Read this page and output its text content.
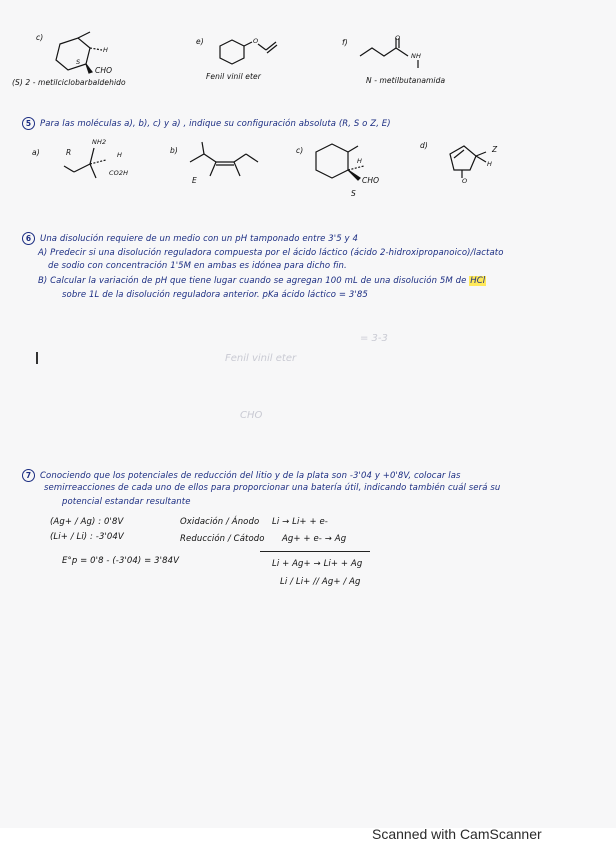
Fenil vinil eter
= 3-3
CHO
c)
H
S
CHO
(S) 2 - metilciclobarbaldehido
e)	O
Fenil vinil eter
f)	O
NH
N - metilbutanamida
5 Para las moléculas a), b), c) y a) , indique su configuración absoluta (R, S o Z, E)
a)
NH2
R	H
CO2H
b)
E
c)
H
CHO
S
d)	Z
H
O
6 Una disolución requiere de un medio con un pH tamponado entre 3'5 y 4
A) Predecir si una disolución reguladora compuesta por el ácido láctico (ácido 2-hidroxipropanoico)/lactato
de sodio con concentración 1'5M en ambas es idónea para dicho fin.
B) Calcular la variación de pH que tiene lugar cuando se agregan 100 mL de una disolución 5M de HCl
sobre 1L de la disolución reguladora anterior. pKa ácido láctico = 3'85
7 Conociendo que los potenciales de reducción del litio y de la plata son -3'04 y +0'8V, colocar las
semirreacciones de cada uno de ellos para proporcionar una batería útil, indicando también cuál será su
potencial estandar resultante
(Ag+ / Ag) : 0'8V
(Li+ / Li) : -3'04V
Oxidación / Ánodo Li → Li+ + e-
Reducción / Cátodo Ag+ + e- → Ag
E°p = 0'8 - (-3'04) = 3'84V	Li + Ag+ → Li+ + Ag
Li / Li+ // Ag+ / Ag
Scanned with CamScanner
